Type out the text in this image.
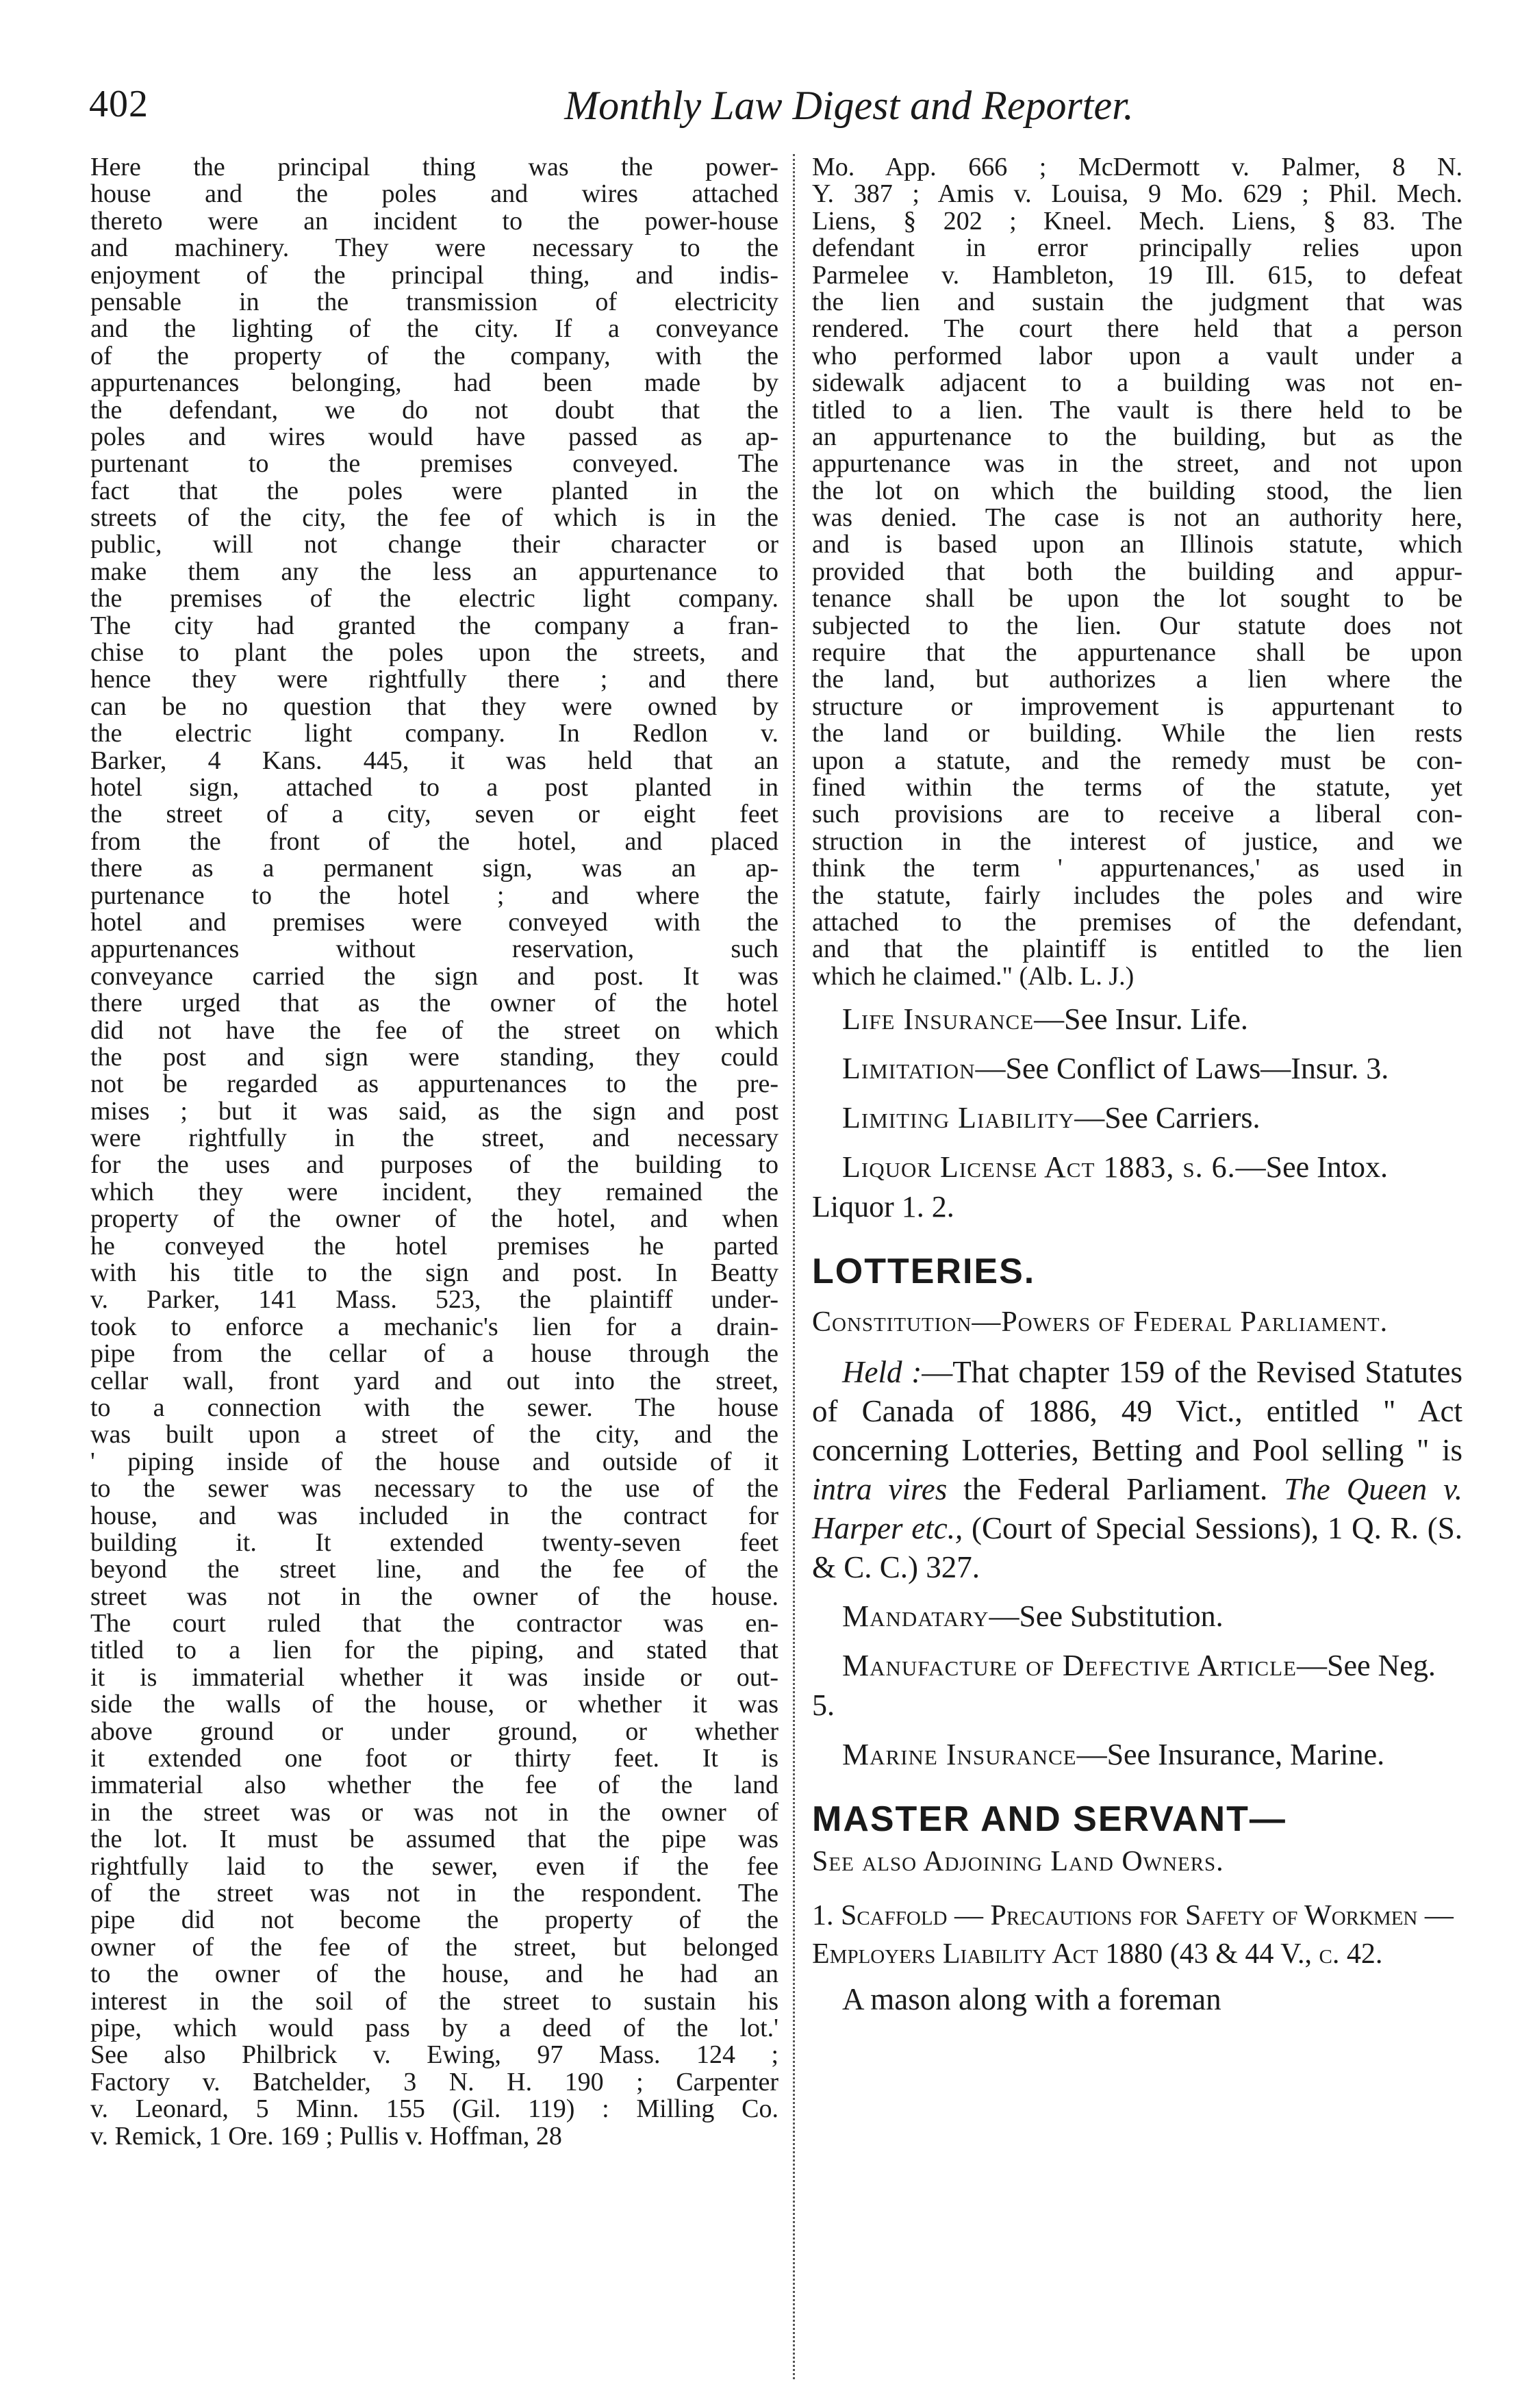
402	Monthly Law Digest and Reporter.
Here the principal thing was the power-
house and the poles and wires attached
thereto were an incident to the power-house
and machinery. They were necessary to the
enjoyment of the principal thing, and indis-
pensable in the transmission of electricity
and the lighting of the city. If a conveyance
of the property of the company, with the
appurtenances belonging, had been made by
the defendant, we do not doubt that the
poles and wires would have passed as ap-
purtenant to the premises conveyed. The
fact that the poles were planted in the
streets of the city, the fee of which is in the
public, will not change their character or
make them any the less an appurtenance to
the premises of the electric light company.
The city had granted the company a fran-
chise to plant the poles upon the streets, and
hence they were rightfully there ; and there
can be no question that they were owned by
the electric light company. In Redlon v.
Barker, 4 Kans. 445, it was held that an
hotel sign, attached to a post planted in
the street of a city, seven or eight feet
from the front of the hotel, and placed
there as a permanent sign, was an ap-
purtenance to the hotel ; and where the
hotel and premises were conveyed with the
appurtenances without reservation, such
conveyance carried the sign and post. It was
there urged that as the owner of the hotel
did not have the fee of the street on which
the post and sign were standing, they could
not be regarded as appurtenances to the pre-
mises ; but it was said, as the sign and post
were rightfully in the street, and necessary
for the uses and purposes of the building to
which they were incident, they remained the
property of the owner of the hotel, and when
he conveyed the hotel premises he parted
with his title to the sign and post. In Beatty
v. Parker, 141 Mass. 523, the plaintiff under-
took to enforce a mechanic's lien for a drain-
pipe from the cellar of a house through the
cellar wall, front yard and out into the street,
to a connection with the sewer. The house
was built upon a street of the city, and the
' piping inside of the house and outside of it
to the sewer was necessary to the use of the
house, and was included in the contract for
building it. It extended twenty-seven feet
beyond the street line, and the fee of the
street was not in the owner of the house.
The court ruled that the contractor was en-
titled to a lien for the piping, and stated that
it is immaterial whether it was inside or out-
side the walls of the house, or whether it was
above ground or under ground, or whether
it extended one foot or thirty feet. It is
immaterial also whether the fee of the land
in the street was or was not in the owner of
the lot. It must be assumed that the pipe was
rightfully laid to the sewer, even if the fee
of the street was not in the respondent. The
pipe did not become the property of the
owner of the fee of the street, but belonged
to the owner of the house, and he had an
interest in the soil of the street to sustain his
pipe, which would pass by a deed of the lot.'
See also Philbrick v. Ewing, 97 Mass. 124 ;
Factory v. Batchelder, 3 N. H. 190 ; Carpenter
v. Leonard, 5 Minn. 155 (Gil. 119) : Milling Co.
v. Remick, 1 Ore. 169 ; Pullis v. Hoffman, 28
Mo. App. 666 ; McDermott v. Palmer, 8 N.
Y. 387 ; Amis v. Louisa, 9 Mo. 629 ; Phil. Mech.
Liens, § 202 ; Kneel. Mech. Liens, § 83. The
defendant in error principally relies upon
Parmelee v. Hambleton, 19 Ill. 615, to defeat
the lien and sustain the judgment that was
rendered. The court there held that a person
who performed labor upon a vault under a
sidewalk adjacent to a building was not en-
titled to a lien. The vault is there held to be
an appurtenance to the building, but as the
appurtenance was in the street, and not upon
the lot on which the building stood, the lien
was denied. The case is not an authority here,
and is based upon an Illinois statute, which
provided that both the building and appur-
tenance shall be upon the lot sought to be
subjected to the lien. Our statute does not
require that the appurtenance shall be upon
the land, but authorizes a lien where the
structure or improvement is appurtenant to
the land or building. While the lien rests
upon a statute, and the remedy must be con-
fined within the terms of the statute, yet
such provisions are to receive a liberal con-
struction in the interest of justice, and we
think the term ' appurtenances,' as used in
the statute, fairly includes the poles and wire
attached to the premises of the defendant,
and that the plaintiff is entitled to the lien
which he claimed." (Alb. L. J.)
Life Insurance—See Insur. Life.
Limitation—See Conflict of Laws—Insur. 3.
Limiting Liability—See Carriers.
Liquor License Act 1883, s. 6.—See Intox. Liquor 1. 2.
LOTTERIES.
Constitution—Powers of Federal Parliament.
Held :—That chapter 159 of the Revised Statutes of Canada of 1886, 49 Vict., entitled " Act concerning Lotteries, Betting and Pool selling " is intra vires the Federal Parliament. The Queen v. Harper etc., (Court of Special Sessions), 1 Q. R. (S. & C. C.) 327.
Mandatary—See Substitution.
Manufacture of Defective Article—See Neg. 5.
Marine Insurance—See Insurance, Marine.
MASTER AND SERVANT—
See also Adjoining Land Owners.
1. Scaffold — Precautions for Safety of Workmen — Employers Liability Act 1880 (43 & 44 V., c. 42.
A mason along with a foreman
